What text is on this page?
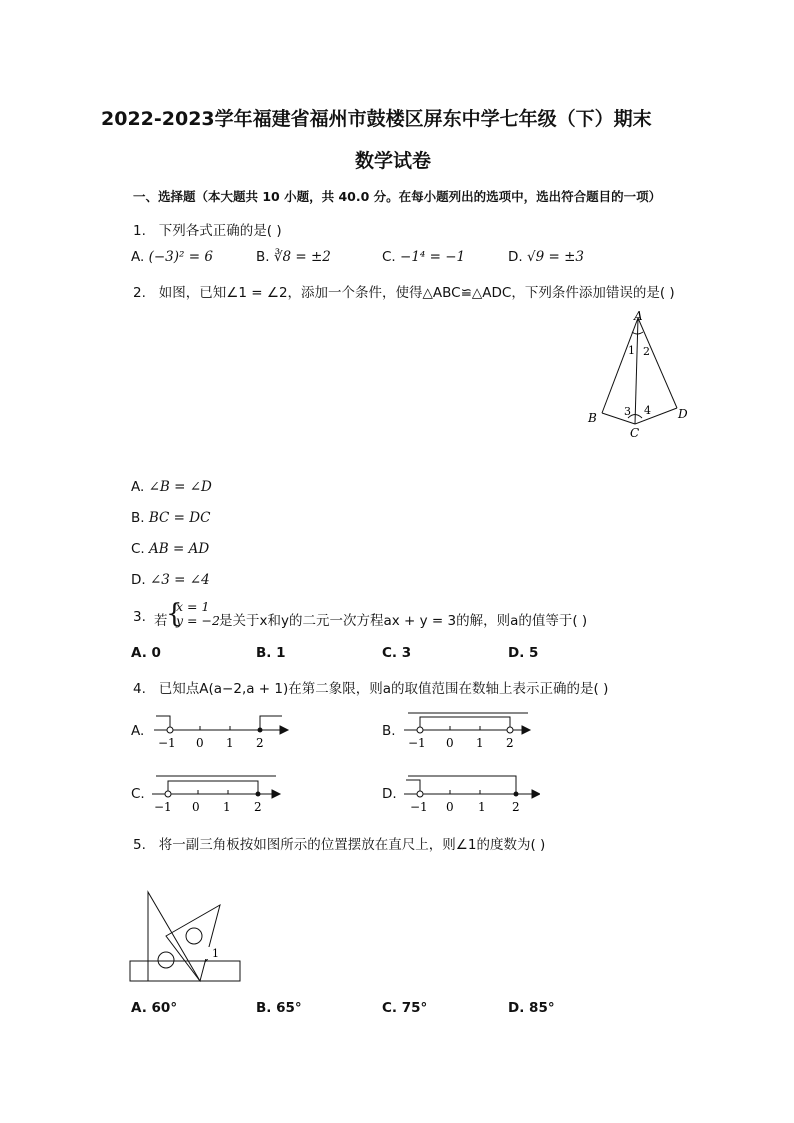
2022-2023学年福建省福州市鼓楼区屏东中学七年级（下）期末
数学试卷
一、选择题（本大题共 10 小题，共 40.0 分。在每小题列出的选项中，选出符合题目的一项）
1. 下列各式正确的是( )
A. (−3)² = 6	B. ∛8 = ±2	C. −1⁴ = −1	D. √9 = ±3
2. 如图，已知∠1 = ∠2，添加一个条件，使得△ABC≌△ADC，下列条件添加错误的是( )
A
B
C
D
1 2
3 4
A. ∠B = ∠D
B. BC = DC
C. AB = AD
D. ∠3 = ∠4
3. 若
{
x = 1
y = −2 是关于x和y的二元一次方程ax + y = 3的解，则a的值等于( )
A. 0	B. 1	C. 3	D. 5
4. 已知点A(a−2,a + 1)在第二象限，则a的取值范围在数轴上表示正确的是( )
A.
−1 0 1 2
B.
−1 0 1 2
C.
−1 0 1 2
D.
−1 0 1 2
5. 将一副三角板按如图所示的位置摆放在直尺上，则∠1的度数为( )
1
A. 60°	B. 65°	C. 75°	D. 85°
